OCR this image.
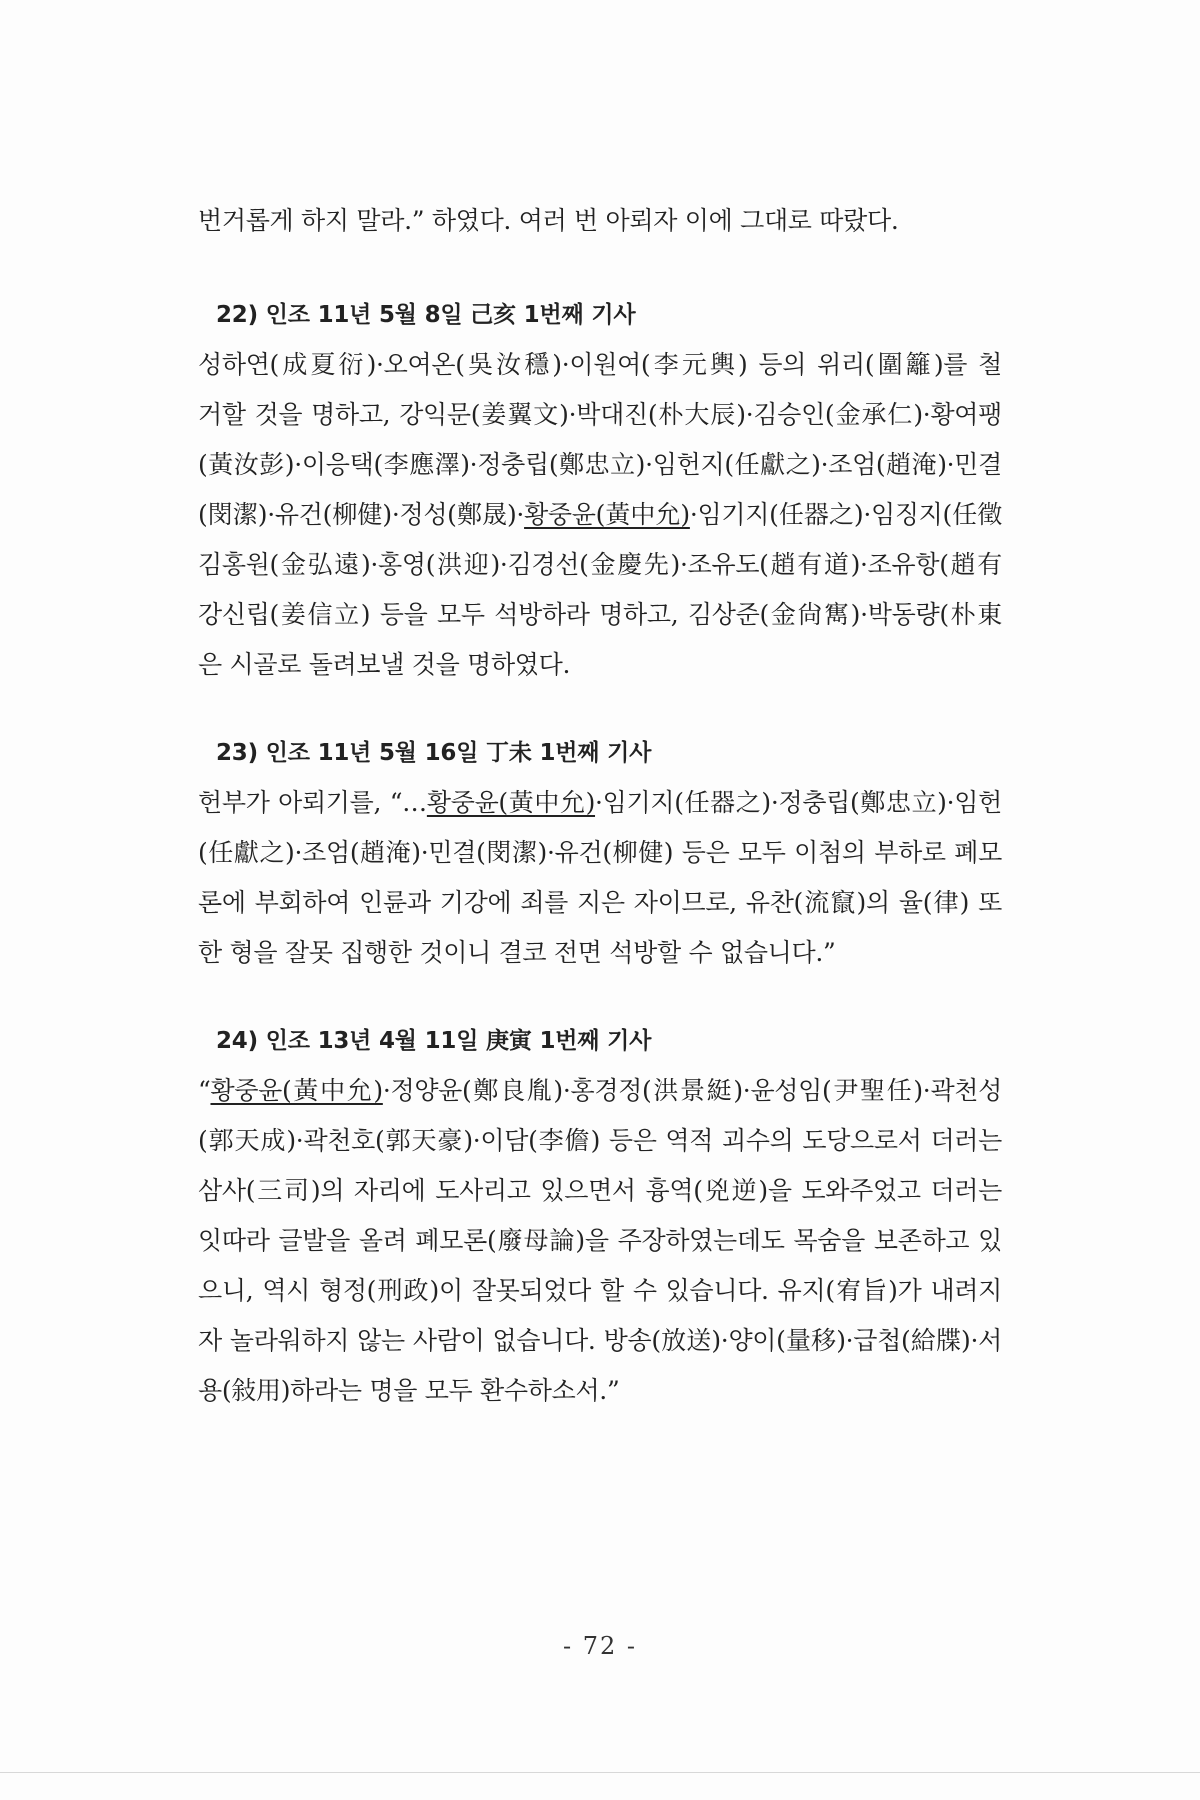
번거롭게 하지 말라.” 하였다. 여러 번 아뢰자 이에 그대로 따랐다.

22) 인조 11년 5월 8일 己亥 1번째 기사

성하연(成夏衍)·오여온(吳汝穩)·이원여(李元輿) 등의 위리(圍籬)를 철
거할 것을 명하고, 강익문(姜翼文)·박대진(朴大辰)·김승인(金承仁)·황여팽
(黃汝彭)·이응택(李應澤)·정충립(鄭忠立)·임헌지(任獻之)·조엄(趙淹)·민결
(閔潔)·유건(柳健)·정성(鄭晟)·황중윤(黃中允)·임기지(任器之)·임징지(任徵
김홍원(金弘遠)·홍영(洪迎)·김경선(金慶先)·조유도(趙有道)·조유항(趙有
강신립(姜信立) 등을 모두 석방하라 명하고, 김상준(金尙寯)·박동량(朴東
은 시골로 돌려보낼 것을 명하였다.

23) 인조 11년 5월 16일 丁未 1번째 기사

헌부가 아뢰기를, “…황중윤(黃中允)·임기지(任器之)·정충립(鄭忠立)·임헌
(任獻之)·조엄(趙淹)·민결(閔潔)·유건(柳健) 등은 모두 이첨의 부하로 폐모
론에 부회하여 인륜과 기강에 죄를 지은 자이므로, 유찬(流竄)의 율(律) 또
한 형을 잘못 집행한 것이니 결코 전면 석방할 수 없습니다.”

24) 인조 13년 4월 11일 庚寅 1번째 기사

“황중윤(黃中允)·정양윤(鄭良胤)·홍경정(洪景綎)·윤성임(尹聖任)·곽천성
(郭天成)·곽천호(郭天豪)·이담(李儋) 등은 역적 괴수의 도당으로서 더러는
삼사(三司)의 자리에 도사리고 있으면서 흉역(兇逆)을 도와주었고 더러는
잇따라 글발을 올려 폐모론(廢母論)을 주장하였는데도 목숨을 보존하고 있
으니, 역시 형정(刑政)이 잘못되었다 할 수 있습니다. 유지(宥旨)가 내려지
자 놀라워하지 않는 사람이 없습니다. 방송(放送)·양이(量移)·급첩(給牒)·서
용(敍用)하라는 명을 모두 환수하소서.”

- 72 -
